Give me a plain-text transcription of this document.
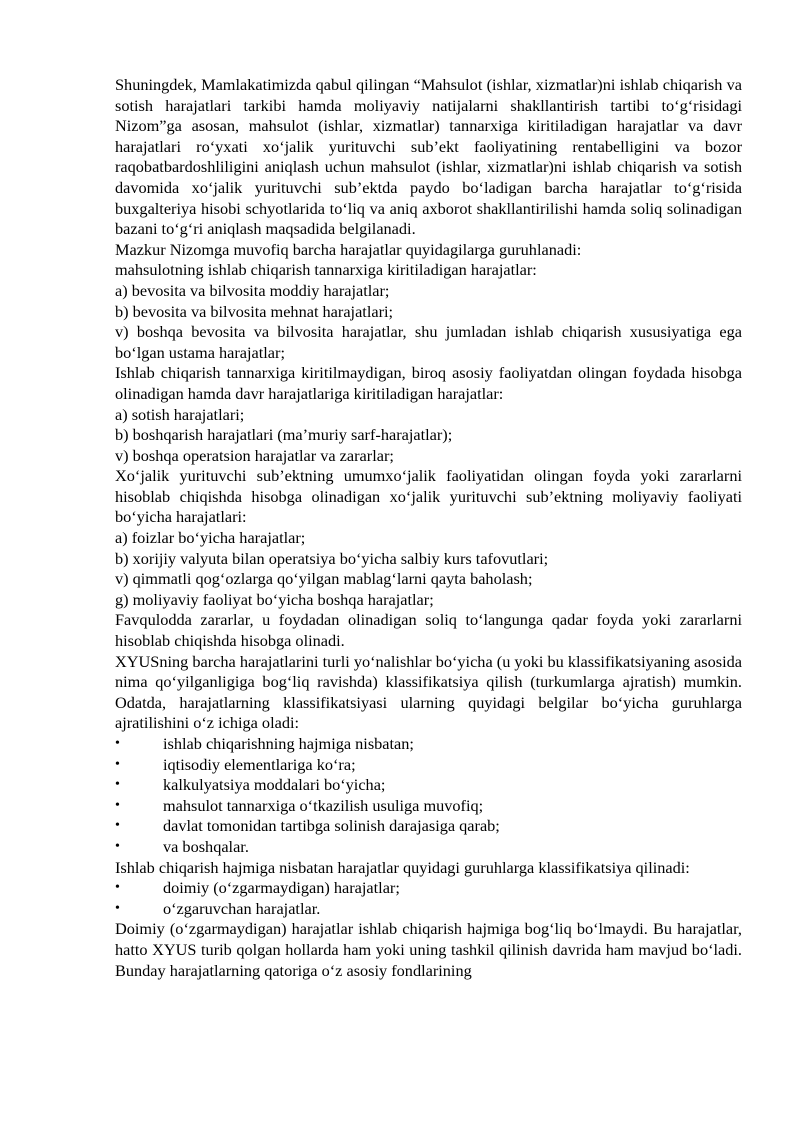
Shuningdek, Mamlakatimizda qabul qilingan “Mahsulot (ishlar, xizmatlar)ni ishlab chiqarish va sotish harajatlari tarkibi hamda moliyaviy natijalarni shakllantirish tartibi to‘g‘risidagi Nizom”ga asosan, mahsulot (ishlar, xizmatlar) tannarxiga kiritiladigan harajatlar va davr harajatlari ro‘yxati xo‘jalik yurituvchi sub’ekt faoliyatining rentabelligini va bozor raqobatbardoshliligini aniqlash uchun mahsulot (ishlar, xizmatlar)ni ishlab chiqarish va sotish davomida xo‘jalik yurituvchi sub’ektda paydo bo‘ladigan barcha harajatlar to‘g‘risida buxgalteriya hisobi schyotlarida to‘liq va aniq axborot shakllantirilishi hamda soliq solinadigan bazani to‘g‘ri aniqlash maqsadida belgilanadi.

Mazkur Nizomga muvofiq barcha harajatlar quyidagilarga guruhlanadi:

mahsulotning ishlab chiqarish tannarxiga kiritiladigan harajatlar:

a) bevosita va bilvosita moddiy harajatlar;

b) bevosita va bilvosita mehnat harajatlari;

v) boshqa bevosita va bilvosita harajatlar, shu jumladan ishlab chiqarish xususiyatiga ega bo‘lgan ustama harajatlar;

Ishlab chiqarish tannarxiga kiritilmaydigan, biroq asosiy faoliyatdan olingan foydada hisobga olinadigan hamda davr harajatlariga kiritiladigan harajatlar:

a) sotish harajatlari;

b) boshqarish harajatlari (ma’muriy sarf-harajatlar);

v) boshqa operatsion harajatlar va zararlar;

Xo‘jalik yurituvchi sub’ektning umumxo‘jalik faoliyatidan olingan foyda yoki zararlarni hisoblab chiqishda hisobga olinadigan xo‘jalik yurituvchi sub’ektning moliyaviy faoliyati bo‘yicha harajatlari:

a) foizlar bo‘yicha harajatlar;

b) xorijiy valyuta bilan operatsiya bo‘yicha salbiy kurs tafovutlari;

v) qimmatli qog‘ozlarga qo‘yilgan mablag‘larni qayta baholash;

g) moliyaviy faoliyat bo‘yicha boshqa harajatlar;

Favqulodda zararlar, u foydadan olinadigan soliq to‘langunga qadar foyda yoki zararlarni hisoblab chiqishda hisobga olinadi.

XYUSning barcha harajatlarini turli yo‘nalishlar bo‘yicha (u yoki bu klassifikatsiyaning asosida nima qo‘yilganligiga bog‘liq ravishda) klassifikatsiya qilish (turkumlarga ajratish) mumkin. Odatda, harajatlarning klassifikatsiyasi ularning quyidagi belgilar bo‘yicha guruhlarga ajratilishini o‘z ichiga oladi:

•	ishlab chiqarishning hajmiga nisbatan;

•	iqtisodiy elementlariga ko‘ra;

•	kalkulyatsiya moddalari bo‘yicha;

•	mahsulot tannarxiga o‘tkazilish usuliga muvofiq;

•	davlat tomonidan tartibga solinish darajasiga qarab;

•	va boshqalar.

Ishlab chiqarish hajmiga nisbatan harajatlar quyidagi guruhlarga klassifikatsiya qilinadi:

•	doimiy (o‘zgarmaydigan) harajatlar;

•	o‘zgaruvchan harajatlar.

Doimiy (o‘zgarmaydigan) harajatlar ishlab chiqarish hajmiga bog‘liq bo‘lmaydi. Bu harajatlar, hatto XYUS turib qolgan hollarda ham yoki uning tashkil qilinish davrida ham mavjud bo‘ladi. Bunday harajatlarning qatoriga o‘z asosiy fondlarining
